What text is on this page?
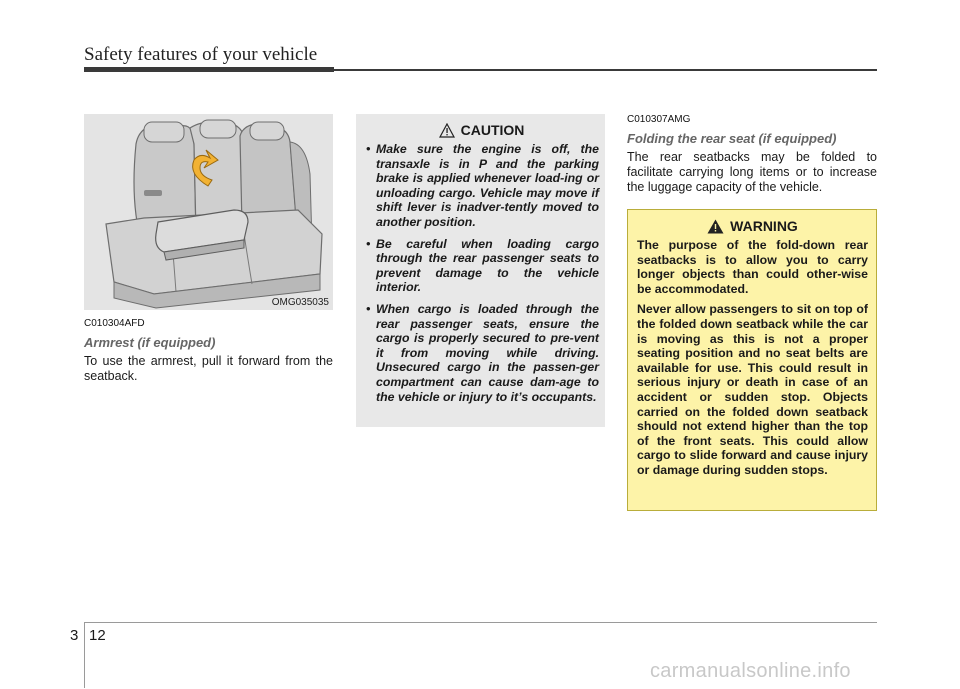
Safety features of your vehicle
OMG035035

C010304AFD

Armrest (if equipped)

To use the armrest, pull it forward from the seatback.

CAUTION
• Make sure the engine is off, the transaxle is in P and the parking brake is applied whenever load-ing or unloading cargo. Vehicle may move if shift lever is inadver-tently moved to another position.
• Be careful when loading cargo through the rear passenger seats to prevent damage to the vehicle interior.
• When cargo is loaded through the rear passenger seats, ensure the cargo is properly secured to pre-vent it from moving while driving. Unsecured cargo in the passen-ger compartment can cause dam-age to the vehicle or injury to it’s occupants.

C010307AMG

Folding the rear seat (if equipped)

The rear seatbacks may be folded to facilitate carrying long items or to increase the luggage capacity of the vehicle.

WARNING

The purpose of the fold-down rear seatbacks is to allow you to carry longer objects than could other-wise be accommodated.

Never allow passengers to sit on top of the folded down seatback while the car is moving as this is not a proper seating position and no seat belts are available for use. This could result in serious injury or death in case of an accident or sudden stop. Objects carried on the folded down seatback should not extend higher than the top of the front seats. This could allow cargo to slide forward and cause injury or damage during sudden stops.

3 12
carmanualsonline.info
